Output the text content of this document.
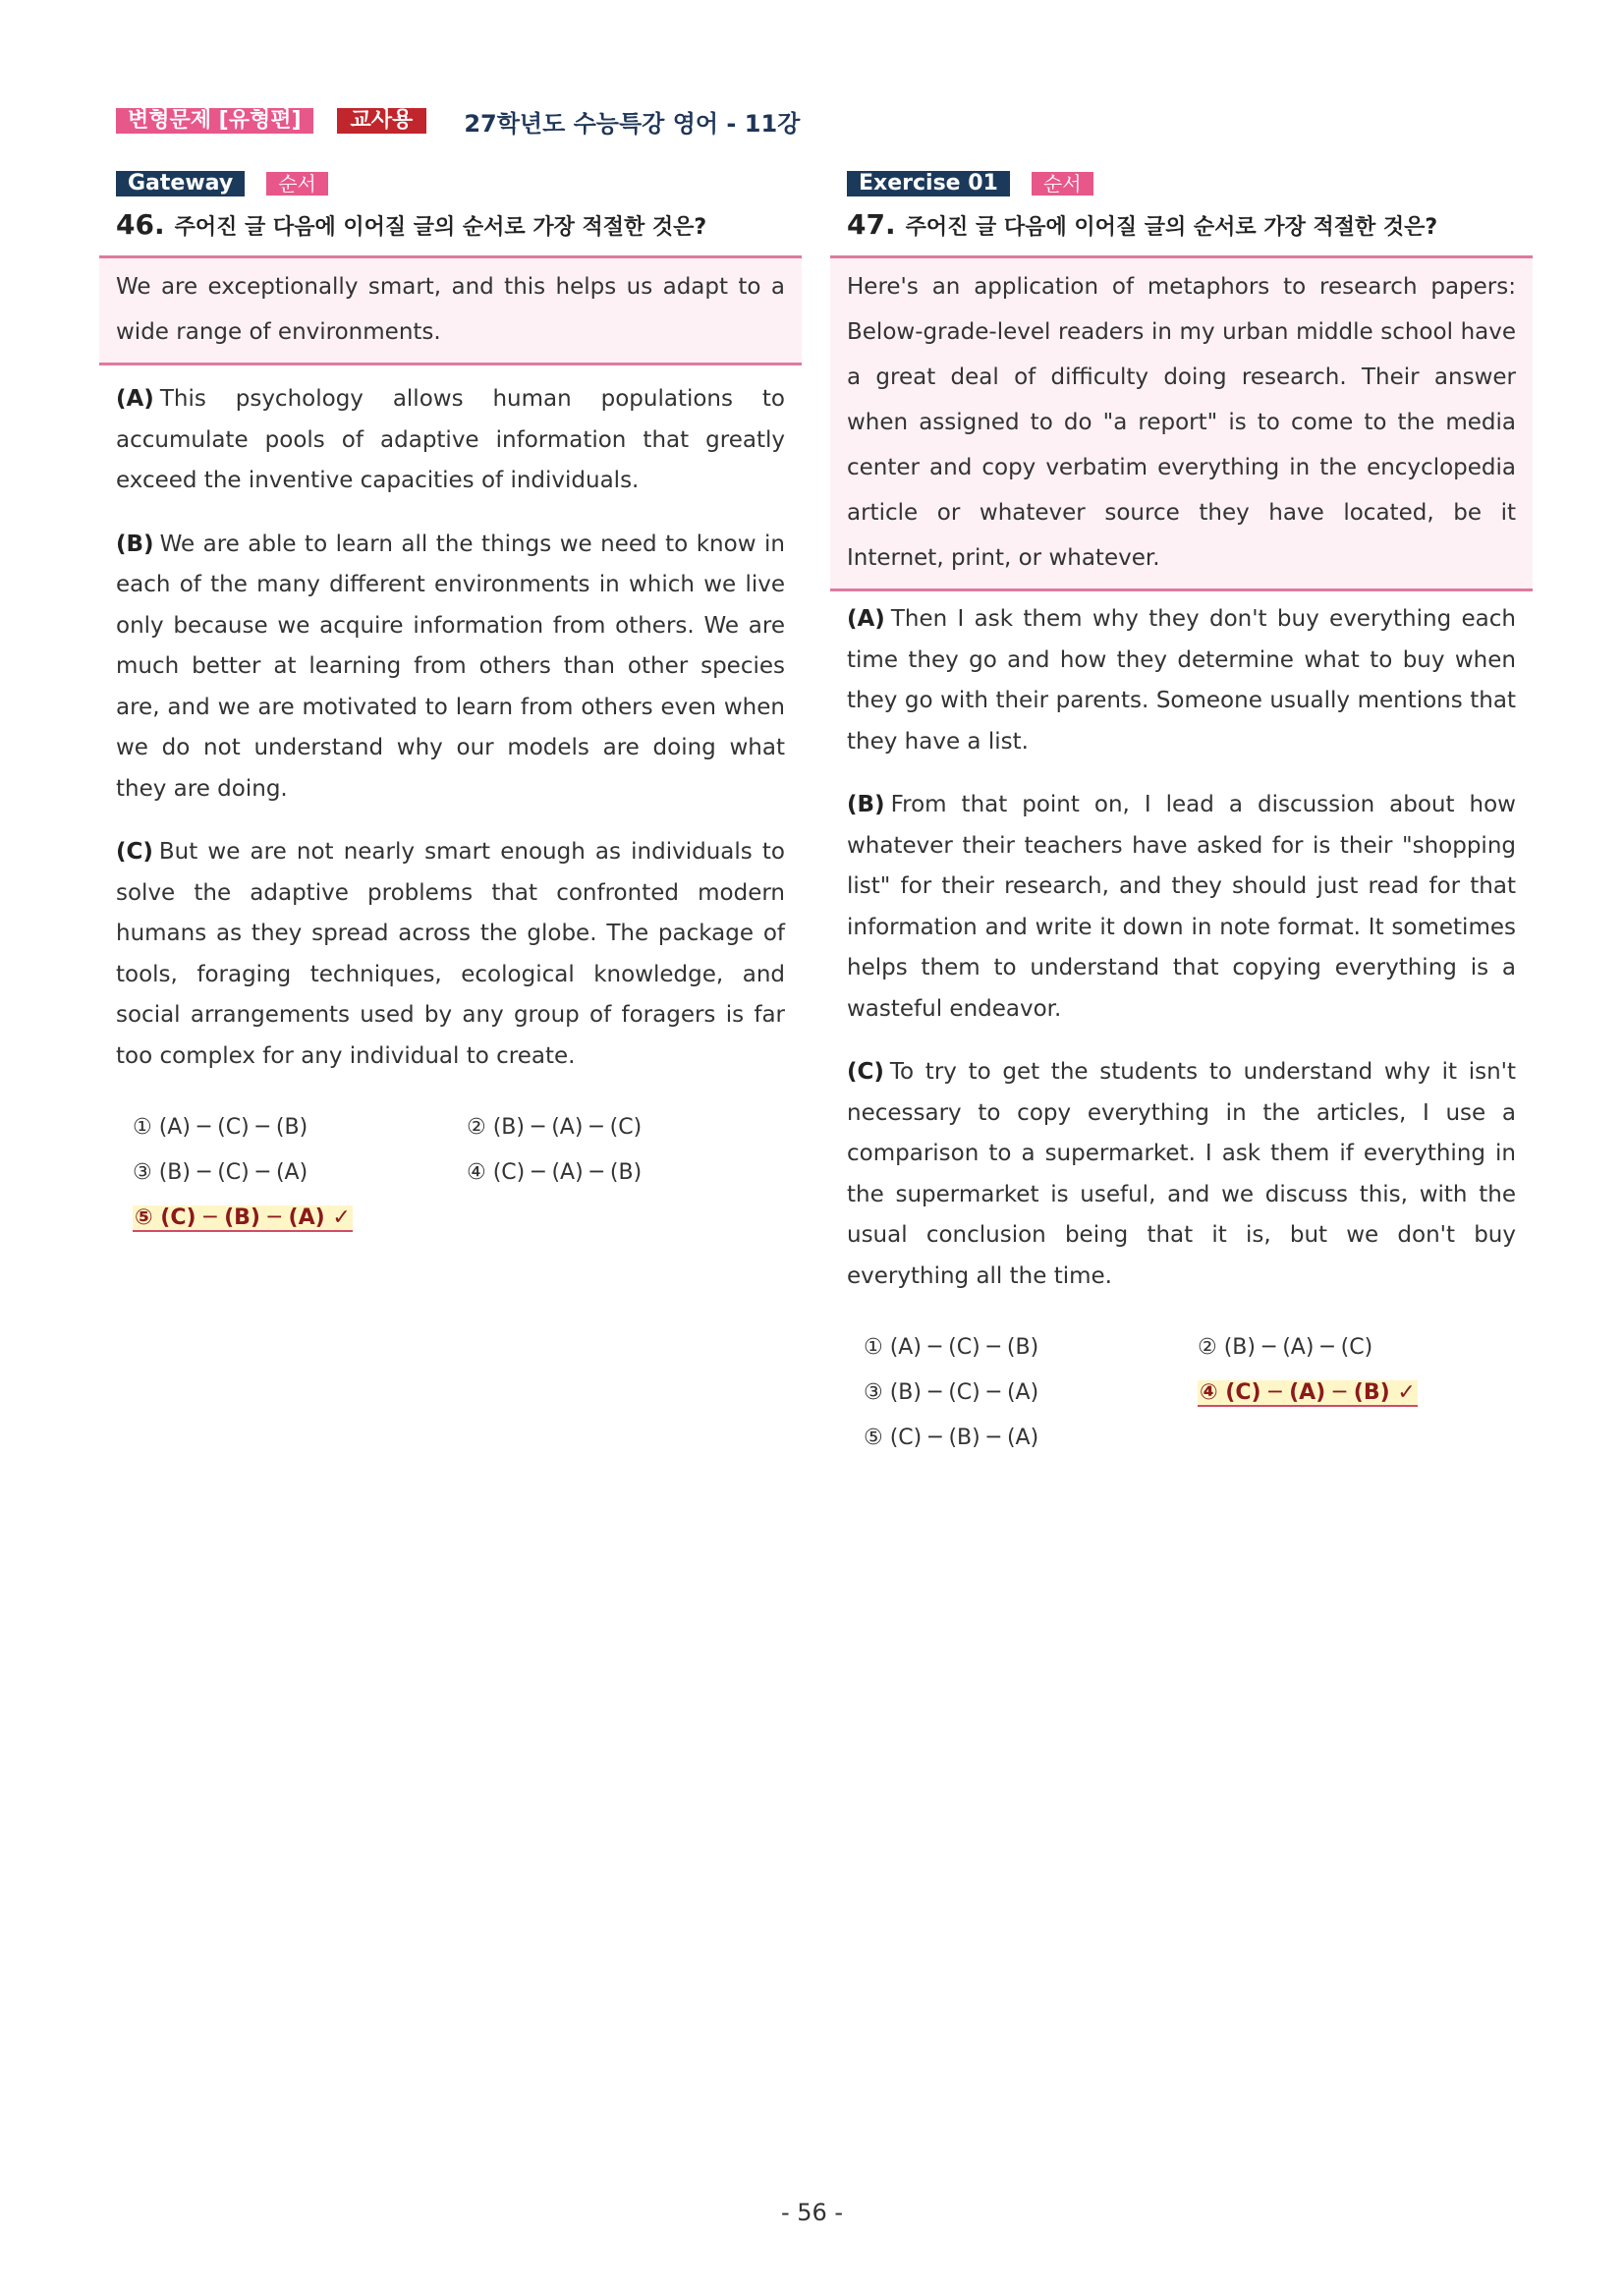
변형문제 [유형편]	교사용	27학년도 수능특강 영어 - 11강
Gateway	순서
46. 주어진 글 다음에 이어질 글의 순서로 가장 적절한 것은?
We are exceptionally smart, and this helps us adapt to a wide range of environments.

(A) This psychology allows human populations to accumulate pools of adaptive information that greatly exceed the inventive capacities of individuals.

(B) We are able to learn all the things we need to know in each of the many different environments in which we live only because we acquire information from others. We are much better at learning from others than other species are, and we are motivated to learn from others even when we do not understand why our models are doing what they are doing.

(C) But we are not nearly smart enough as individuals to solve the adaptive problems that confronted modern humans as they spread across the globe. The package of tools, foraging techniques, ecological knowledge, and social arrangements used by any group of foragers is far too complex for any individual to create.

① (A) ─ (C) ─ (B)	② (B) ─ (A) ─ (C)
③ (B) ─ (C) ─ (A)	④ (C) ─ (A) ─ (B)
⑤ (C) ─ (B) ─ (A) ✓
Exercise 01	순서
47. 주어진 글 다음에 이어질 글의 순서로 가장 적절한 것은?
Here's an application of metaphors to research papers: Below-grade-level readers in my urban middle school have a great deal of difficulty doing research. Their answer when assigned to do "a report" is to come to the media center and copy verbatim everything in the encyclopedia article or whatever source they have located, be it Internet, print, or whatever.

(A) Then I ask them why they don't buy everything each time they go and how they determine what to buy when they go with their parents. Someone usually mentions that they have a list.

(B) From that point on, I lead a discussion about how whatever their teachers have asked for is their "shopping list" for their research, and they should just read for that information and write it down in note format. It sometimes helps them to understand that copying everything is a wasteful endeavor.

(C) To try to get the students to understand why it isn't necessary to copy everything in the articles, I use a comparison to a supermarket. I ask them if everything in the supermarket is useful, and we discuss this, with the usual conclusion being that it is, but we don't buy everything all the time.

① (A) ─ (C) ─ (B)	② (B) ─ (A) ─ (C)
③ (B) ─ (C) ─ (A)	④ (C) ─ (A) ─ (B) ✓
⑤ (C) ─ (B) ─ (A)
- 56 -
